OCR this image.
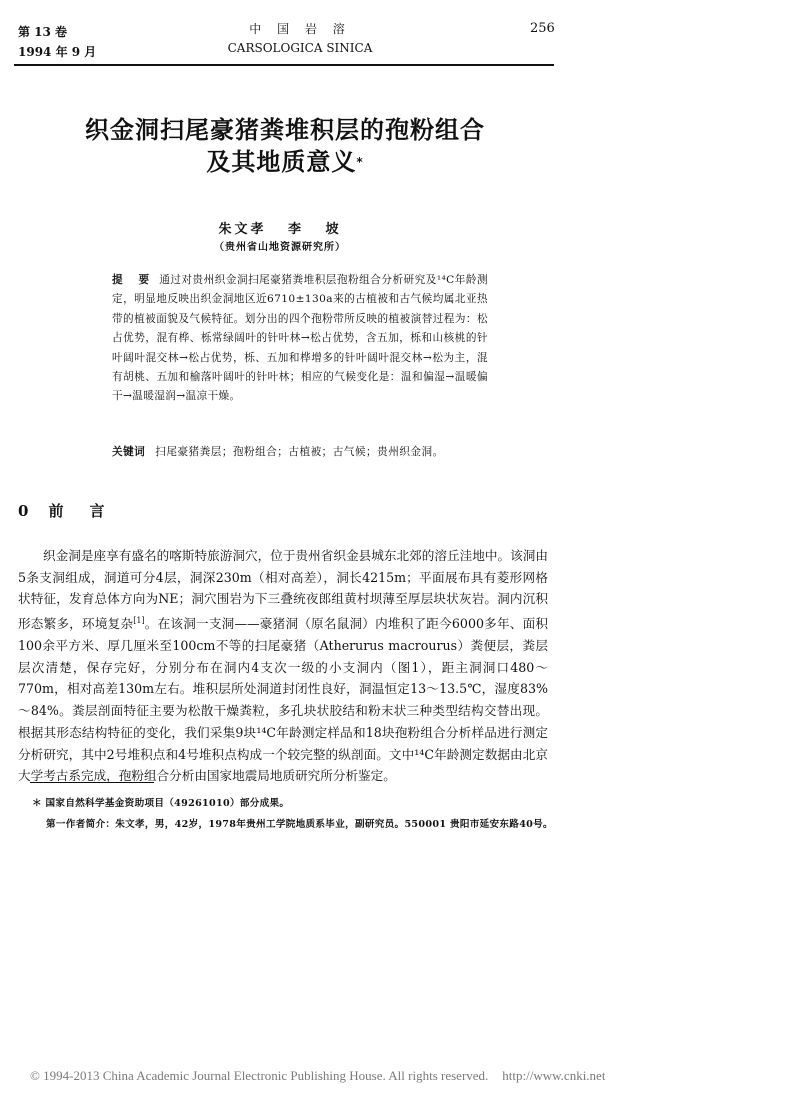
第 13 卷
1994 年 9 月
中 国 岩 溶
CARSOLOGICA SINICA
256
织金洞扫尾豪猪粪堆积层的孢粉组合
及其地质意义*
朱文孝 李 坡
（贵州省山地资源研究所）
提 要 通过对贵州织金洞扫尾豪猪粪堆积层孢粉组合分析研究及¹⁴C年龄测定，明显地反映出织金洞地区近6710±130a来的古植被和古气候均属北亚热带的植被面貌及气候特征。划分出的四个孢粉带所反映的植被演替过程为：松占优势，混有桦、栎常绿阔叶的针叶林→松占优势，含五加，栎和山核桃的针叶阔叶混交林→松占优势，栎、五加和桦增多的针叶阔叶混交林→松为主，混有胡桃、五加和榆落叶阔叶的针叶林；相应的气候变化是：温和偏湿→温暖偏干→温暖湿润→温凉干燥。
关键词 扫尾豪猪粪层；孢粉组合；古植被；古气候；贵州织金洞。
0 前言

织金洞是座享有盛名的喀斯特旅游洞穴，位于贵州省织金县城东北郊的溶丘洼地中。该洞由5条支洞组成，洞道可分4层，洞深230m（相对高差），洞长4215m；平面展布具有菱形网格状特征，发育总体方向为NE；洞穴围岩为下三叠统夜郎组黄村坝薄至厚层块状灰岩。洞内沉积形态繁多，环境复杂[1]。在该洞一支洞——豪猪洞（原名鼠洞）内堆积了距今6000多年、面积100余平方米、厚几厘米至100cm不等的扫尾豪猪（Atherurus macrourus）粪便层，粪层层次清楚，保存完好，分别分布在洞内4支次一级的小支洞内（图1），距主洞洞口480～770m，相对高差130m左右。堆积层所处洞道封闭性良好，洞温恒定13～13.5℃，湿度83%～84%。粪层剖面特征主要为松散干燥粪粒，多孔块状胶结和粉末状三种类型结构交替出现。根据其形态结构特征的变化，我们采集9块¹⁴C年龄测定样品和18块孢粉组合分析样品进行测定分析研究，其中2号堆积点和4号堆积点构成一个较完整的纵剖面。文中¹⁴C年龄测定数据由北京大学考古系完成，孢粉组合分析由国家地震局地质研究所分析鉴定。

＊ 国家自然科学基金资助项目（49261010）部分成果。
第一作者简介：朱文孝，男，42岁，1978年贵州工学院地质系毕业，副研究员。550001 贵阳市延安东路40号。
© 1994-2013 China Academic Journal Electronic Publishing House. All rights reserved. http://www.cnki.net
